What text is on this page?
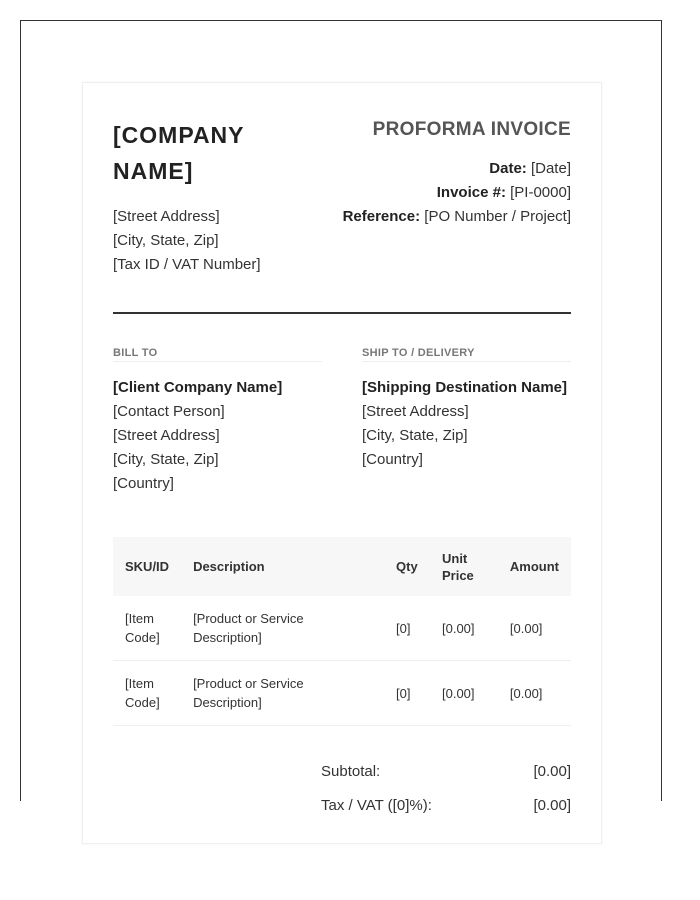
[COMPANY NAME]
[Street Address]
[City, State, Zip]
[Tax ID / VAT Number]
PROFORMA INVOICE
Date: [Date]
Invoice #: [PI-0000]
Reference: [PO Number / Project]
BILL TO
[Client Company Name]
[Contact Person]
[Street Address]
[City, State, Zip]
[Country]
SHIP TO / DELIVERY
[Shipping Destination Name]
[Street Address]
[City, State, Zip]
[Country]
SKU/ID	Description	Qty	Unit Price	Amount
[Item Code]	[Product or Service Description]	[0]	[0.00]	[0.00]
[Item Code]	[Product or Service Description]	[0]	[0.00]	[0.00]
Subtotal:	[0.00]
Tax / VAT ([0]%):	[0.00]
